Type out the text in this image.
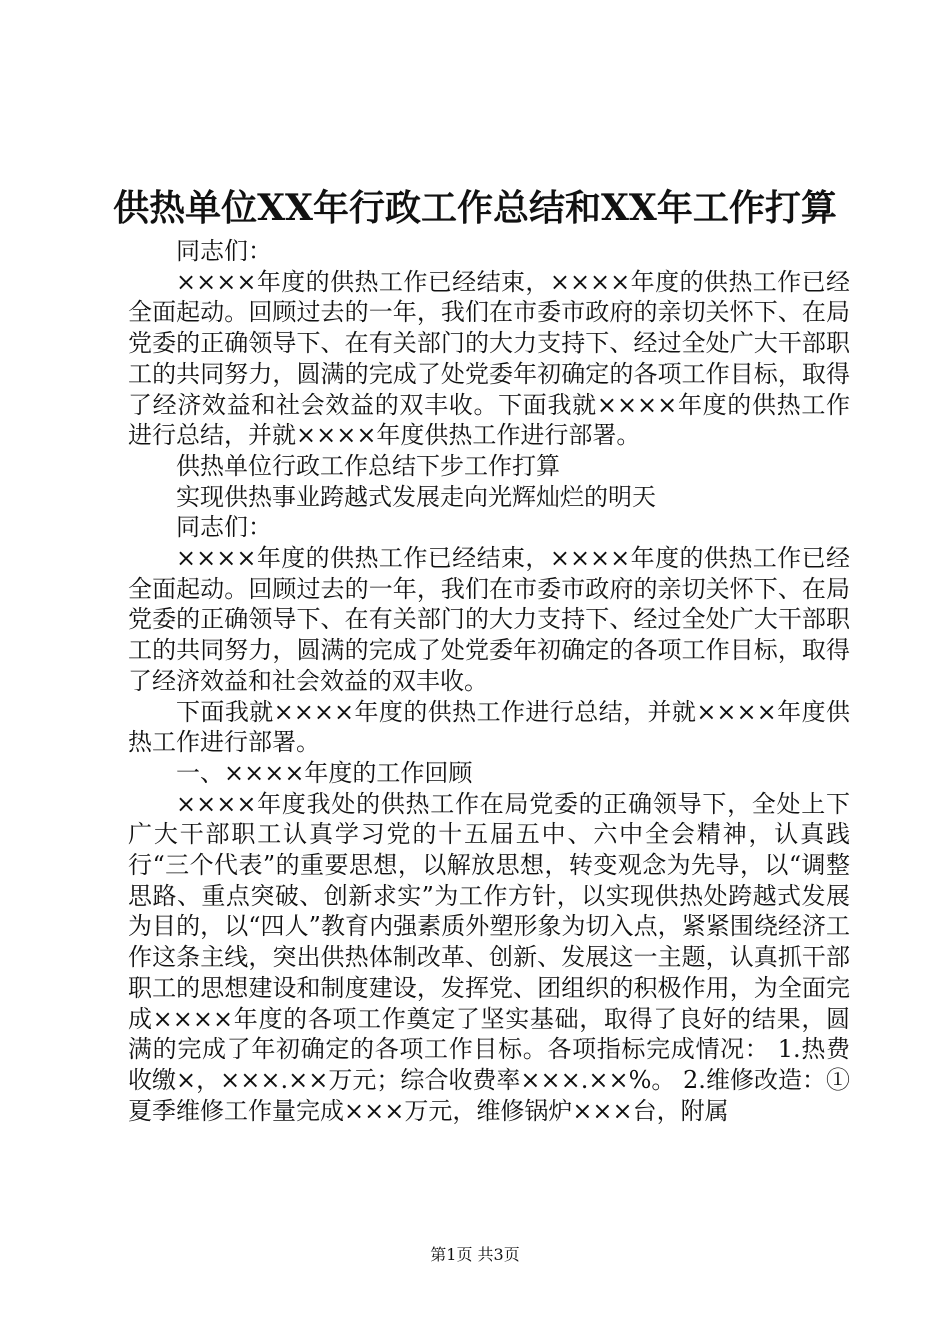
供热单位XX年行政工作总结和XX年工作打算

同志们：

××××年度的供热工作已经结束，××××年度的供热工作已经全面起动。回顾过去的一年，我们在市委市政府的亲切关怀下、在局党委的正确领导下、在有关部门的大力支持下、经过全处广大干部职工的共同努力，圆满的完成了处党委年初确定的各项工作目标，取得了经济效益和社会效益的双丰收。下面我就××××年度的供热工作进行总结，并就××××年度供热工作进行部署。

供热单位行政工作总结下步工作打算

实现供热事业跨越式发展走向光辉灿烂的明天

同志们：

××××年度的供热工作已经结束，××××年度的供热工作已经全面起动。回顾过去的一年，我们在市委市政府的亲切关怀下、在局党委的正确领导下、在有关部门的大力支持下、经过全处广大干部职工的共同努力，圆满的完成了处党委年初确定的各项工作目标，取得了经济效益和社会效益的双丰收。

下面我就××××年度的供热工作进行总结，并就××××年度供热工作进行部署。

一、××××年度的工作回顾

××××年度我处的供热工作在局党委的正确领导下，全处上下广大干部职工认真学习党的十五届五中、六中全会精神，认真践行“三个代表”的重要思想，以解放思想，转变观念为先导，以“调整思路、重点突破、创新求实”为工作方针，以实现供热处跨越式发展为目的，以“四人”教育内强素质外塑形象为切入点，紧紧围绕经济工作这条主线，突出供热体制改革、创新、发展这一主题，认真抓干部职工的思想建设和制度建设，发挥党、团组织的积极作用，为全面完成××××年度的各项工作奠定了坚实基础，取得了良好的结果，圆满的完成了年初确定的各项工作目标。各项指标完成情况： 1.热费收缴×，×××.××万元；综合收费率×××.××%。 2.维修改造：①夏季维修工作量完成×××万元，维修锅炉×××台，附属

第1页 共3页
